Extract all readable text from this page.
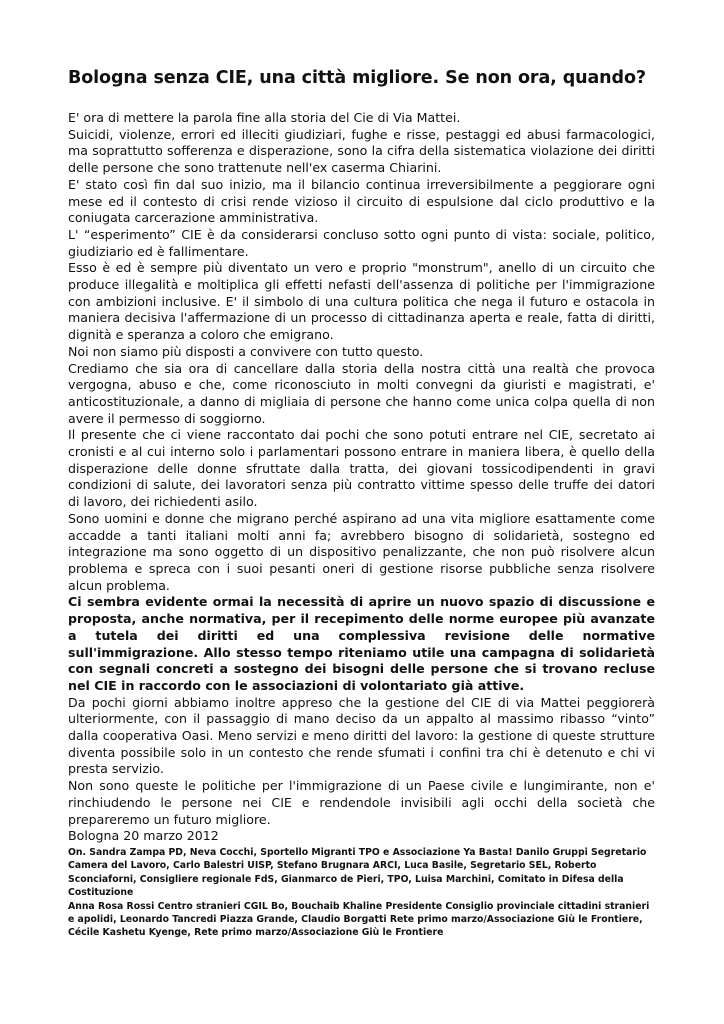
Bologna senza CIE, una città migliore. Se non ora, quando?

E' ora di mettere la parola fine alla storia del Cie di Via Mattei.

Suicidi, violenze, errori ed illeciti giudiziari, fughe e risse, pestaggi ed abusi farmacologici, ma soprattutto sofferenza e disperazione, sono la cifra della sistematica violazione dei diritti delle persone che sono trattenute nell'ex caserma Chiarini.

E' stato così fin dal suo inizio, ma il bilancio continua irreversibilmente a peggiorare ogni mese ed il contesto di crisi rende vizioso il circuito di espulsione dal ciclo produttivo e la coniugata carcerazione amministrativa.

L' “esperimento” CIE è da considerarsi concluso sotto ogni punto di vista: sociale, politico, giudiziario ed è fallimentare.

Esso è ed è sempre più diventato un vero e proprio "monstrum", anello di un circuito che produce illegalità e moltiplica gli effetti nefasti dell'assenza di politiche per l'immigrazione con ambizioni inclusive. E' il simbolo di una cultura politica che nega il futuro e ostacola in maniera decisiva l'affermazione di un processo di cittadinanza aperta e reale, fatta di diritti, dignità e speranza a coloro che emigrano.

Noi non siamo più disposti a convivere con tutto questo.

Crediamo che sia ora di cancellare dalla storia della nostra città una realtà che provoca vergogna, abuso e che, come riconosciuto in molti convegni da giuristi e magistrati, e' anticostituzionale, a danno di migliaia di persone che hanno come unica colpa quella di non avere il permesso di soggiorno.

Il presente che ci viene raccontato dai pochi che sono potuti entrare nel CIE, secretato ai cronisti e al cui interno solo i parlamentari possono entrare in maniera libera, è quello della disperazione delle donne sfruttate dalla tratta, dei giovani tossicodipendenti in gravi condizioni di salute, dei lavoratori senza più contratto vittime spesso delle truffe dei datori di lavoro, dei richiedenti asilo.

Sono uomini e donne che migrano perché aspirano ad una vita migliore esattamente come accadde a tanti italiani molti anni fa; avrebbero bisogno di solidarietà, sostegno ed integrazione ma sono oggetto di un dispositivo penalizzante, che non può risolvere alcun problema e spreca con i suoi pesanti oneri di gestione risorse pubbliche senza risolvere alcun problema.

Ci sembra evidente ormai la necessità di aprire un nuovo spazio di discussione e proposta, anche normativa, per il recepimento delle norme europee più avanzate a tutela dei diritti ed una complessiva revisione delle normative sull'immigrazione. Allo stesso tempo riteniamo utile una campagna di solidarietà con segnali concreti a sostegno dei bisogni delle persone che si trovano recluse nel CIE in raccordo con le associazioni di volontariato già attive.

Da pochi giorni abbiamo inoltre appreso che la gestione del CIE di via Mattei peggiorerà ulteriormente, con il passaggio di mano deciso da un appalto al massimo ribasso “vinto” dalla cooperativa Oasi. Meno servizi e meno diritti del lavoro: la gestione di queste strutture diventa possibile solo in un contesto che rende sfumati i confini tra chi è detenuto e chi vi presta servizio.

Non sono queste le politiche per l'immigrazione di un Paese civile e lungimirante, non e' rinchiudendo le persone nei CIE e rendendole invisibili agli occhi della società che prepareremo un futuro migliore.

Bologna 20 marzo 2012

On. Sandra Zampa PD, Neva Cocchi, Sportello Migranti TPO e Associazione Ya Basta! Danilo Gruppi Segretario Camera del Lavoro, Carlo Balestri UISP, Stefano Brugnara ARCI, Luca Basile, Segretario SEL, Roberto Sconciaforni, Consigliere regionale FdS, Gianmarco de Pieri, TPO, Luisa Marchini, Comitato in Difesa della Costituzione

Anna Rosa Rossi Centro stranieri CGIL Bo, Bouchaib Khaline Presidente Consiglio provinciale cittadini stranieri e apolidi, Leonardo Tancredi Piazza Grande, Claudio Borgatti Rete primo marzo/Associazione Giù le Frontiere, Cécile Kashetu Kyenge, Rete primo marzo/Associazione Giù le Frontiere
